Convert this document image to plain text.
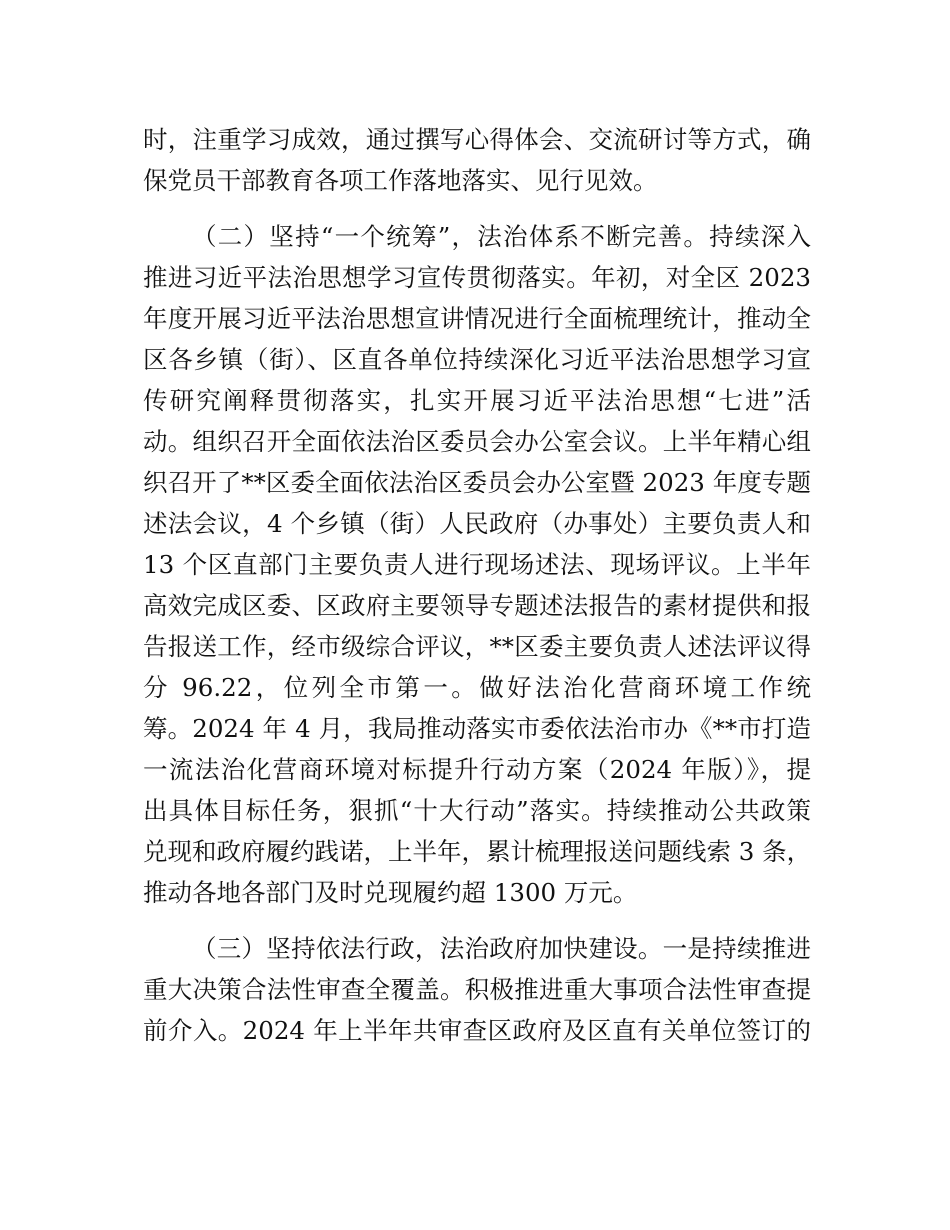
时，注重学习成效，通过撰写心得体会、交流研讨等方式，确
保党员干部教育各项工作落地落实、见行见效。
（二）坚持“一个统筹”，法治体系不断完善。持续深入
推进习近平法治思想学习宣传贯彻落实。年初，对全区 2023
年度开展习近平法治思想宣讲情况进行全面梳理统计，推动全
区各乡镇（街）、区直各单位持续深化习近平法治思想学习宣
传研究阐释贯彻落实，扎实开展习近平法治思想“七进”活
动。组织召开全面依法治区委员会办公室会议。上半年精心组
织召开了**区委全面依法治区委员会办公室暨 2023 年度专题
述法会议，4 个乡镇（街）人民政府（办事处）主要负责人和
13 个区直部门主要负责人进行现场述法、现场评议。上半年
高效完成区委、区政府主要领导专题述法报告的素材提供和报
告报送工作，经市级综合评议，**区委主要负责人述法评议得
分 96.22，位列全市第一。做好法治化营商环境工作统
筹。2024 年 4 月，我局推动落实市委依法治市办《**市打造
一流法治化营商环境对标提升行动方案（2024 年版）》，提
出具体目标任务，狠抓“十大行动”落实。持续推动公共政策
兑现和政府履约践诺，上半年，累计梳理报送问题线索 3 条，
推动各地各部门及时兑现履约超 1300 万元。
（三）坚持依法行政，法治政府加快建设。一是持续推进
重大决策合法性审查全覆盖。积极推进重大事项合法性审查提
前介入。2024 年上半年共审查区政府及区直有关单位签订的
